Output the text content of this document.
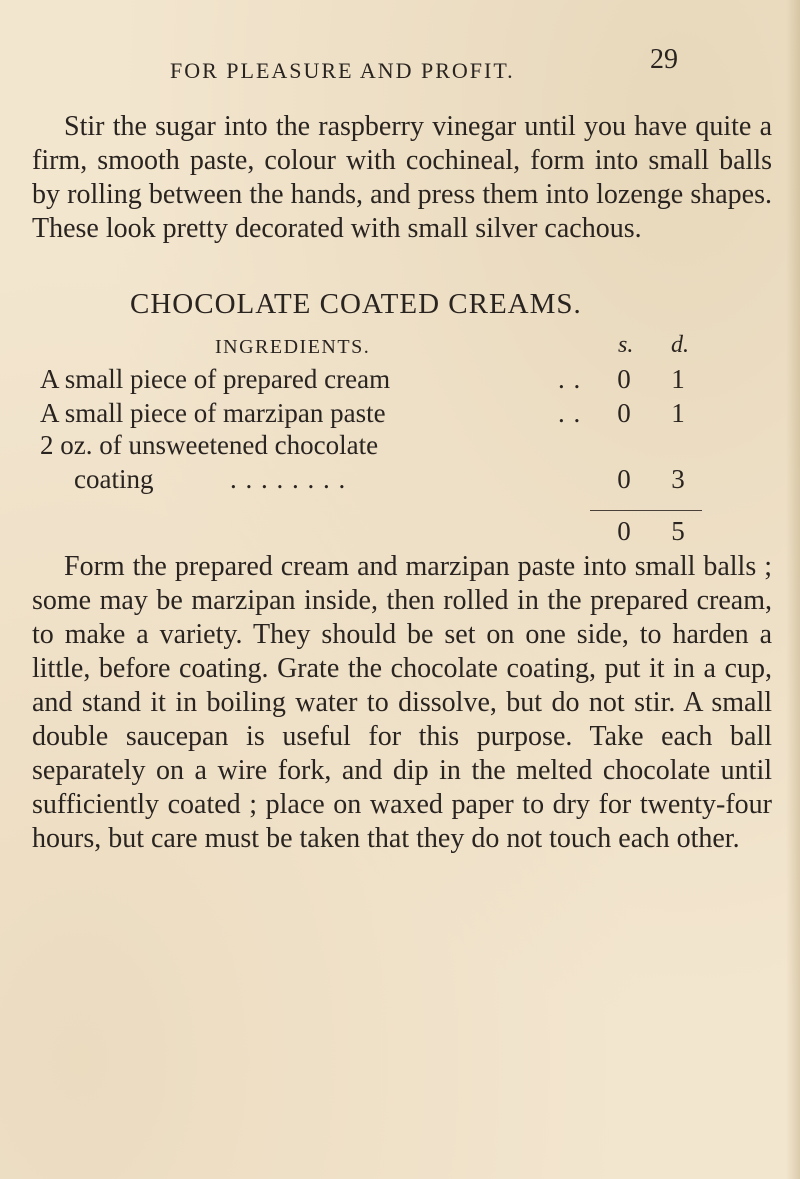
FOR PLEASURE AND PROFIT.	29

Stir the sugar into the raspberry vinegar until you have quite a firm, smooth paste, colour with cochineal, form into small balls by rolling between the hands, and press them into lozenge shapes. These look pretty decorated with small silver cachous.

CHOCOLATE COATED CREAMS.
INGREDIENTS.	s. d.
A small piece of prepared cream	. . 0 1
A small piece of marzipan paste	. . 0 1
2 oz. of unsweetened chocolate
coating	. . . . . . . .	0 3
0 5

Form the prepared cream and marzipan paste into small balls ; some may be marzipan inside, then rolled in the prepared cream, to make a variety. They should be set on one side, to harden a little, before coating. Grate the chocolate coating, put it in a cup, and stand it in boiling water to dissolve, but do not stir. A small double saucepan is useful for this purpose. Take each ball separately on a wire fork, and dip in the melted chocolate until sufficiently coated ; place on waxed paper to dry for twenty-four hours, but care must be taken that they do not touch each other.
